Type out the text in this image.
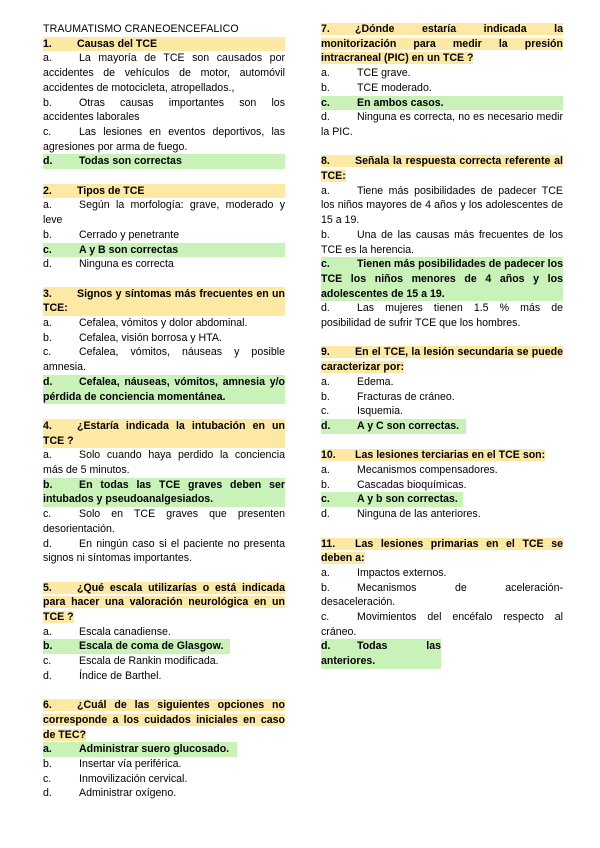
TRAUMATISMO CRANEOENCEFALICO

1. Causas del TCE

a.	La mayoría de TCE son causados por accidentes de vehículos de motor, automóvil accidentes de motocicleta, atropellados.,
b.	Otras causas importantes son los accidentes laborales
c.	Las lesiones en eventos deportivos, las agresiones por arma de fuego.
d.	Todas son correctas

2. Tipos de TCE

a.	Según la morfología: grave, moderado y leve
b.	Cerrado y penetrante
c.	A y B son correctas
d.	Ninguna es correcta

3. Signos y síntomas más frecuentes en un TCE:

a.	Cefalea, vómitos y dolor abdominal.
b.	Cefalea, visión borrosa y HTA.
c.	Cefalea, vómitos, náuseas y posible amnesia.
d.	Cefalea, náuseas, vómitos, amnesia y/o pérdida de conciencia momentánea.

4. ¿Estaría indicada la intubación en un TCE ?

a.	Solo cuando haya perdido la conciencia más de 5 minutos.
b.	En todas las TCE graves deben ser intubados y pseudoanalgesiados.
c.	Solo en TCE graves que presenten desorientación.
d.	En ningún caso si el paciente no presenta signos ni síntomas importantes.

5. ¿Qué escala utilizarías o está indicada para hacer una valoración neurológica en un TCE ?

a.	Escala canadiense.
b.	Escala de coma de Glasgow.
c.	Escala de Rankin modificada.
d.	Índice de Barthel.

6. ¿Cuál de las siguientes opciones no corresponde a los cuidados iniciales en caso de TEC?

a.	Administrar suero glucosado.
b.	Insertar vía periférica.
c.	Inmovilización cervical.
d.	Administrar oxígeno.

7. ¿Dónde estaría indicada la monitorización para medir la presión intracraneal (PIC) en un TCE ?

a.	TCE grave.
b.	TCE moderado.
c.	En ambos casos.
d.	Ninguna es correcta, no es necesario medir la PIC.

8. Señala la respuesta correcta referente al TCE:

a.	Tiene más posibilidades de padecer TCE los niños mayores de 4 años y los adolescentes de 15 a 19.
b.	Una de las causas más frecuentes de los TCE es la herencia.
c.	Tienen más posibilidades de padecer los TCE los niños menores de 4 años y los adolescentes de 15 a 19.
d.	Las mujeres tienen 1.5 % más de posibilidad de sufrir TCE que los hombres.

9. En el TCE, la lesión secundaria se puede caracterizar por:

a.	Edema.
b.	Fracturas de cráneo.
c.	Isquemia.
d.	A y C son correctas.

10. Las lesiones terciarias en el TCE son:

a.	Mecanismos compensadores.
b.	Cascadas bioquímicas.
c.	A y b son correctas.
d.	Ninguna de las anteriores.

11. Las lesiones primarias en el TCE se deben a:

a.	Impactos externos.
b.	Mecanismos de aceleración-desaceleración.
c.	Movimientos del encéfalo respecto al cráneo.
d.	Todas las anteriores.
